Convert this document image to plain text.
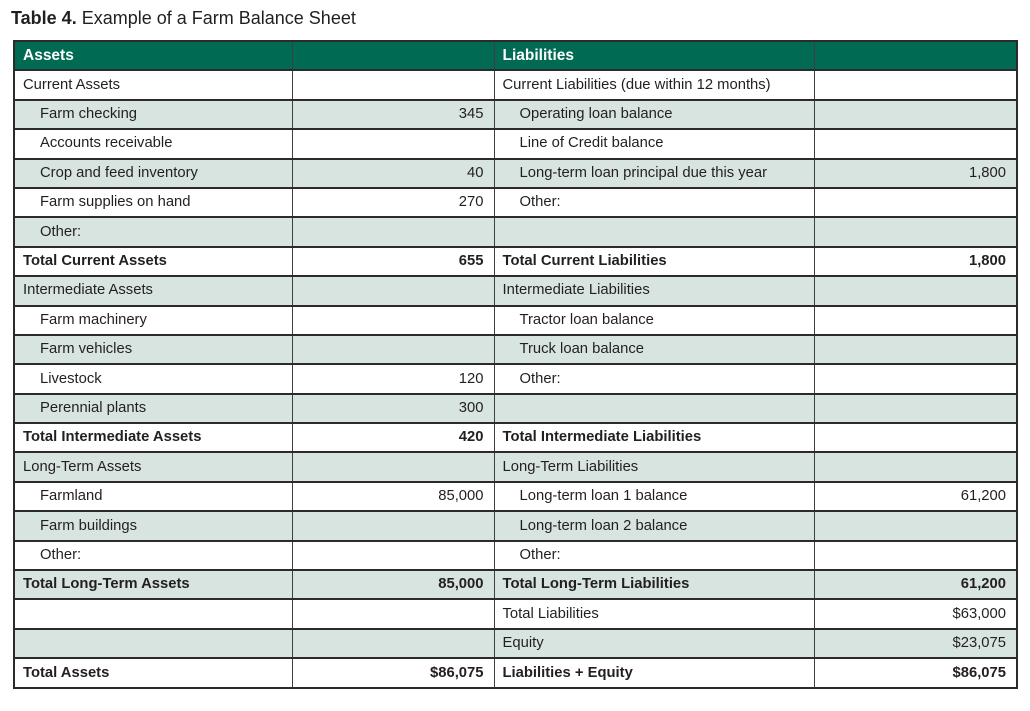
Table 4. Example of a Farm Balance Sheet
Assets		Liabilities	
Current Assets		Current Liabilities (due within 12 months)	
Farm checking	345	Operating loan balance	
Accounts receivable		Line of Credit balance	
Crop and feed inventory	40	Long-term loan principal due this year	1,800
Farm supplies on hand	270	Other:	
Other:			
Total Current Assets	655	Total Current Liabilities	1,800
Intermediate Assets		Intermediate Liabilities	
Farm machinery		Tractor loan balance	
Farm vehicles		Truck loan balance	
Livestock	120	Other:	
Perennial plants	300		
Total Intermediate Assets	420	Total Intermediate Liabilities	
Long-Term Assets		Long-Term Liabilities	
Farmland	85,000	Long-term loan 1 balance	61,200
Farm buildings		Long-term loan 2 balance	
Other:		Other:	
Total Long-Term Assets	85,000	Total Long-Term Liabilities	61,200
		Total Liabilities	$63,000
		Equity	$23,075
Total Assets	$86,075	Liabilities + Equity	$86,075
